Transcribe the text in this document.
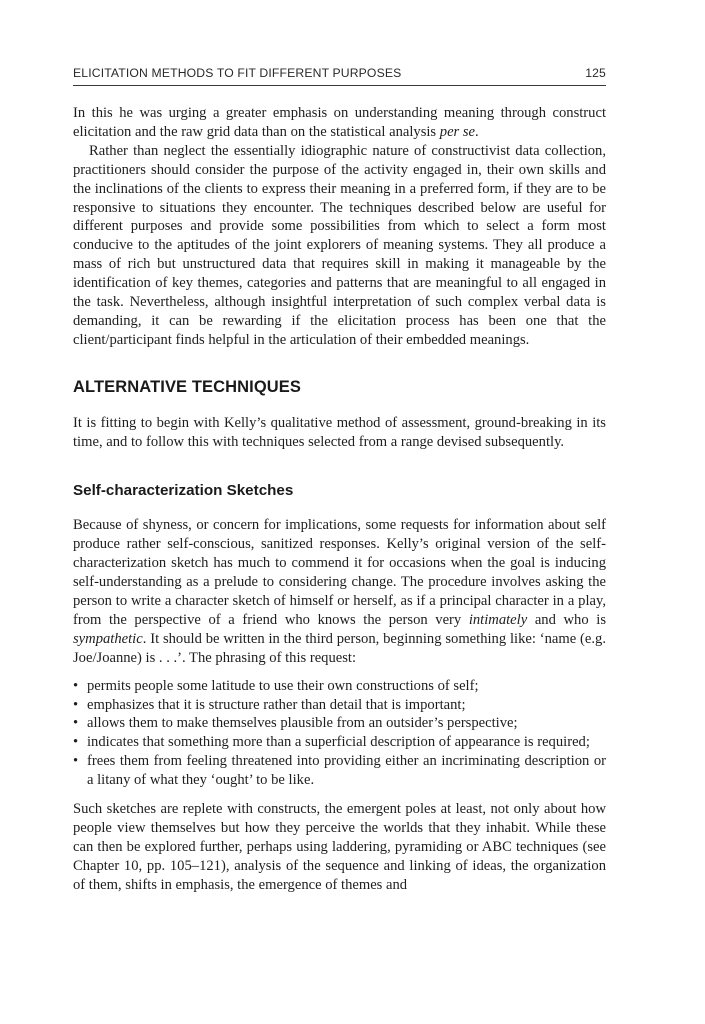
ELICITATION METHODS TO FIT DIFFERENT PURPOSES	125

In this he was urging a greater emphasis on understanding meaning through construct elicitation and the raw grid data than on the statistical analysis per se.

Rather than neglect the essentially idiographic nature of constructivist data collection, practitioners should consider the purpose of the activity engaged in, their own skills and the inclinations of the clients to express their meaning in a preferred form, if they are to be responsive to situations they encounter. The techniques described below are useful for different purposes and provide some possibilities from which to select a form most conducive to the aptitudes of the joint explorers of meaning systems. They all produce a mass of rich but unstructured data that requires skill in making it manageable by the identification of key themes, categories and patterns that are meaningful to all engaged in the task. Nevertheless, although insightful interpretation of such complex verbal data is demanding, it can be rewarding if the elicitation process has been one that the client/participant finds helpful in the articulation of their embedded meanings.

ALTERNATIVE TECHNIQUES

It is fitting to begin with Kelly’s qualitative method of assessment, ground-breaking in its time, and to follow this with techniques selected from a range devised subsequently.

Self-characterization Sketches

Because of shyness, or concern for implications, some requests for information about self produce rather self-conscious, sanitized responses. Kelly’s original version of the self-characterization sketch has much to commend it for occasions when the goal is inducing self-understanding as a prelude to considering change. The procedure involves asking the person to write a character sketch of himself or herself, as if a principal character in a play, from the perspective of a friend who knows the person very intimately and who is sympathetic. It should be written in the third person, beginning something like: ‘name (e.g. Joe/Joanne) is . . .’. The phrasing of this request:

• permits people some latitude to use their own constructions of self;
• emphasizes that it is structure rather than detail that is important;
• allows them to make themselves plausible from an outsider’s perspective;
• indicates that something more than a superficial description of appearance is required;
• frees them from feeling threatened into providing either an incriminating description or a litany of what they ‘ought’ to be like.

Such sketches are replete with constructs, the emergent poles at least, not only about how people view themselves but how they perceive the worlds that they inhabit. While these can then be explored further, perhaps using laddering, pyramiding or ABC techniques (see Chapter 10, pp. 105–121), analysis of the sequence and linking of ideas, the organization of them, shifts in emphasis, the emergence of themes and
